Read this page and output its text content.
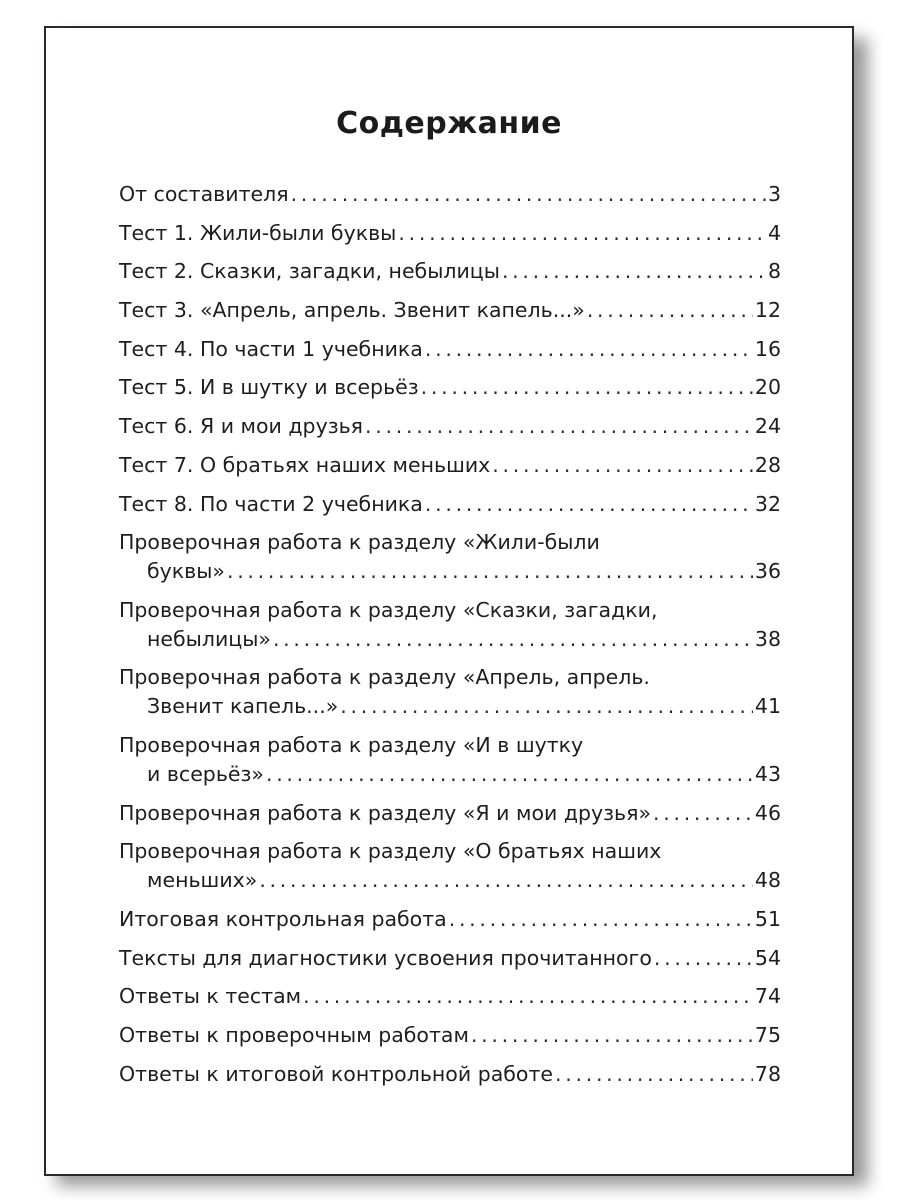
Содержание
От составителя . . .	3
Тест 1. Жили-были буквы . . .	4
Тест 2. Сказки, загадки, небылицы . . .	8
Тест 3. «Апрель, апрель. Звенит капель...» . . .	12
Тест 4. По части 1 учебника . . .	16
Тест 5. И в шутку и всерьёз . . .	20
Тест 6. Я и мои друзья . . .	24
Тест 7. О братьях наших меньших . . .	28
Тест 8. По части 2 учебника . . .	32
Проверочная работа к разделу «Жили-были
буквы» . . .	36
Проверочная работа к разделу «Сказки, загадки,
небылицы» . . .	38
Проверочная работа к разделу «Апрель, апрель.
Звенит капель...» . . .	41
Проверочная работа к разделу «И в шутку
и всерьёз» . . .	43
Проверочная работа к разделу «Я и мои друзья» . . .	46
Проверочная работа к разделу «О братьях наших
меньших» . . .	48
Итоговая контрольная работа . . .	51
Тексты для диагностики усвоения прочитанного . . .	54
Ответы к тестам . . .	74
Ответы к проверочным работам . . .	75
Ответы к итоговой контрольной работе . . .	78
